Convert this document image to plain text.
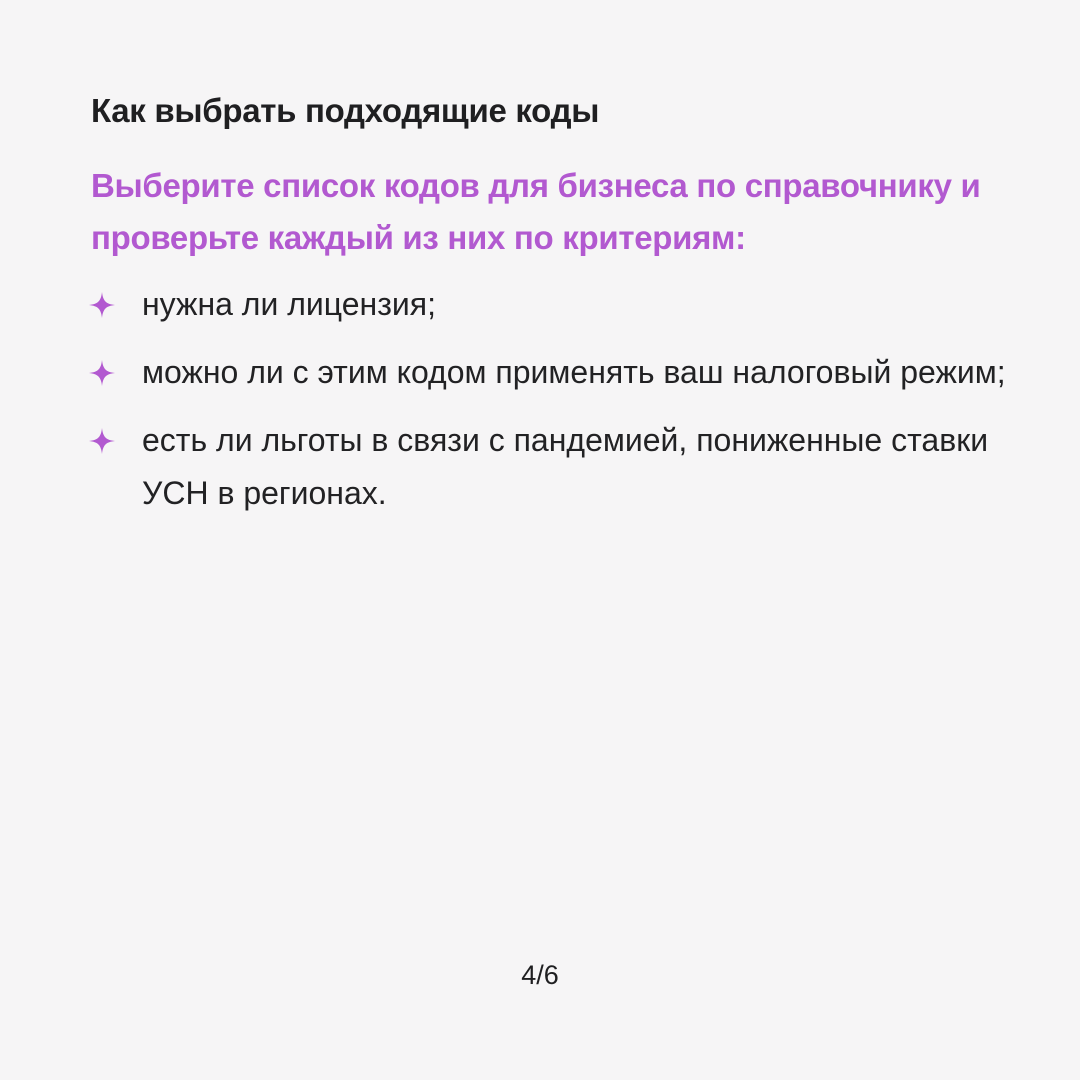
Как выбрать подходящие коды

Выберите список кодов для бизнеса по справочнику и проверьте каждый из них по критериям:

нужна ли лицензия;
можно ли с этим кодом применять ваш налоговый режим;
есть ли льготы в связи с пандемией, пониженные ставки УСН в регионах.
4/6
